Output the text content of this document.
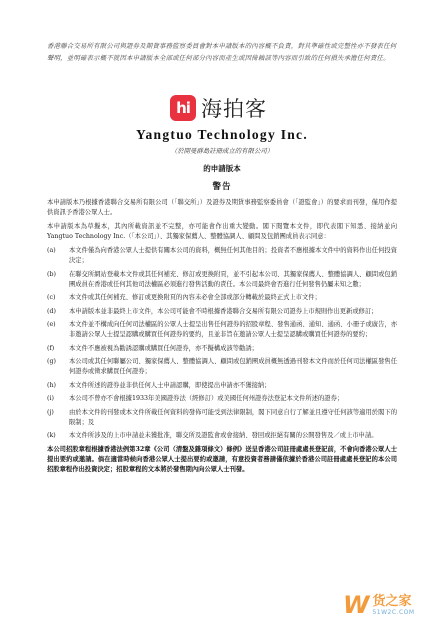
香港聯合交易所有限公司與證券及期貨事務監察委員會對本申請版本的內容概不負責，對其準確性或完整性亦不發表任何聲明，並明確表示概不就因本申請版本全部或任何部分內容而產生或因倚賴該等內容而引致的任何損失承擔任何責任。
hi 海拍客
Yangtuo Technology Inc.
（於開曼群島註冊成立的有限公司）
的申請版本
警告

本申請版本乃根據香港聯合交易所有限公司（「聯交所」）及證券及期貨事務監察委員會（「證監會」）的要求而刊發，僅用作提供資訊予香港公眾人士。

本申請版本為草擬本，其內所載資訊並不完整，亦可能會作出重大變動。閣下閱覽本文件，即代表閣下知悉、接納並向Yangtuo Technology Inc.（「本公司」）、其獨家保薦人、整體協調人、顧問及包銷團成員表示同意：

(a)	本文件僅為向香港公眾人士提供有關本公司的資料，概無任何其他目的；投資者不應根據本文件中的資料作出任何投資決定；
(b)	在聯交所網站登載本文件或其任何補充、修訂或更換附頁，並不引起本公司、其獨家保薦人、整體協調人、顧問或包銷團成員在香港或任何其他司法權區必須進行發售活動的責任。本公司最終會否進行任何發售仍屬未知之數；
(c)	本文件或其任何補充、修訂或更換附頁的內容未必會全部或部分轉載於最終正式上市文件；
(d)	本申請版本並非最終上市文件，本公司可能會不時根據香港聯合交易所有限公司證券上市規則作出更新或修訂；
(e)	本文件並不構成向任何司法權區的公眾人士提呈出售任何證券的招股章程、發售通函、通知、通函、小冊子或廣告，亦非邀請公眾人士提呈認購或購買任何證券的要約，且並非旨在邀請公眾人士提呈認購或購買任何證券的要約；
(f)	本文件不應被視為勸誘認購或購買任何證券，亦不擬構成該等勸誘；
(g)	本公司或其任何聯屬公司、獨家保薦人、整體協調人、顧問或包銷團成員概無透過刊發本文件而於任何司法權區發售任何證券或徵求購買任何證券；
(h)	本文件所述的證券並非供任何人士申請認購，即使提出申請亦不獲接納；
(i)	本公司不曾亦不會根據1933年美國證券法（經修訂）或美國任何州證券法登記本文件所述的證券；
(j)	由於本文件的刊發或本文件所載任何資料的發佈可能受到法律限制，閣下同意自行了解並且遵守任何該等適用於閣下的限制；及
(k)	本文件所涉及的上市申請並未獲批准，聯交所及證監會或會接納、發回或拒絕有關的公開發售及／或上市申請。

本公司招股章程根據香港法例第32章《公司（清盤及雜項條文）條例》送呈香港公司註冊處處長登記前，不會向香港公眾人士提出要約或邀請。倘在適當時候向香港公眾人士提出要約或邀請，有意投資者務請僅依據於香港公司註冊處處長登記的本公司招股章程作出投資決定；招股章程的文本將於發售期內向公眾人士刊發。

W 货之家
51W2C.COM
